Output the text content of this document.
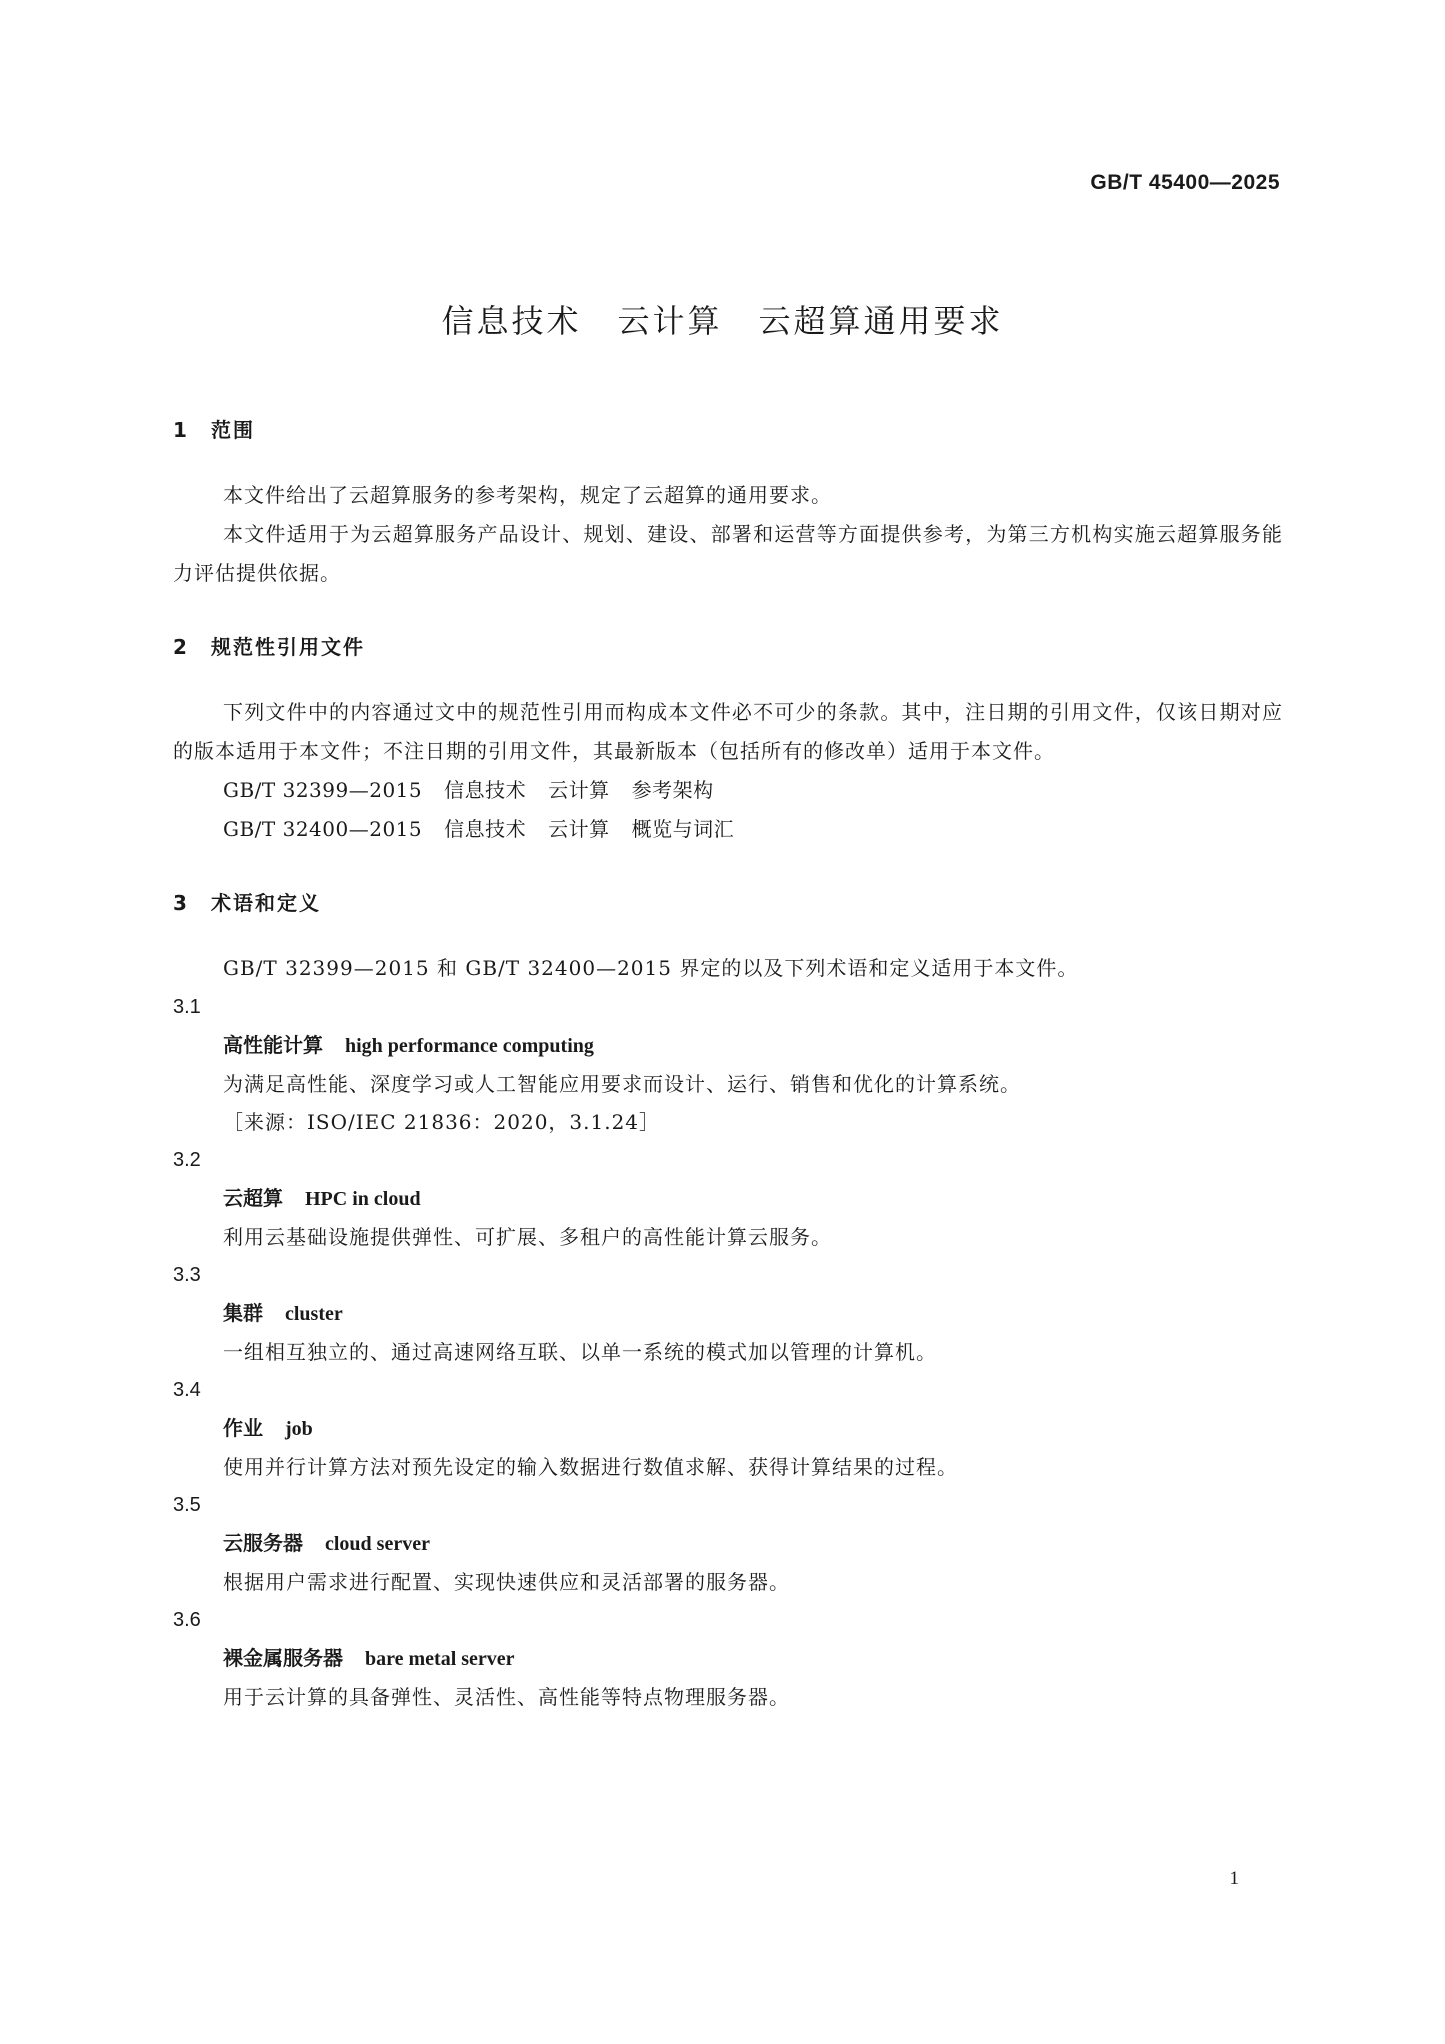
GB/T 45400—2025
信息技术 云计算 云超算通用要求

1 范围

本文件给出了云超算服务的参考架构，规定了云超算的通用要求。

本文件适用于为云超算服务产品设计、规划、建设、部署和运营等方面提供参考，为第三方机构实施云超算服务能力评估提供依据。

2 规范性引用文件

下列文件中的内容通过文中的规范性引用而构成本文件必不可少的条款。其中，注日期的引用文件，仅该日期对应的版本适用于本文件；不注日期的引用文件，其最新版本（包括所有的修改单）适用于本文件。

GB/T 32399—2015 信息技术 云计算 参考架构

GB/T 32400—2015 信息技术 云计算 概览与词汇

3 术语和定义

GB/T 32399—2015 和 GB/T 32400—2015 界定的以及下列术语和定义适用于本文件。

3.1

高性能计算 high performance computing

为满足高性能、深度学习或人工智能应用要求而设计、运行、销售和优化的计算系统。

［来源：ISO/IEC 21836：2020，3.1.24］

3.2

云超算 HPC in cloud

利用云基础设施提供弹性、可扩展、多租户的高性能计算云服务。

3.3

集群 cluster

一组相互独立的、通过高速网络互联、以单一系统的模式加以管理的计算机。

3.4

作业 job

使用并行计算方法对预先设定的输入数据进行数值求解、获得计算结果的过程。

3.5

云服务器 cloud server

根据用户需求进行配置、实现快速供应和灵活部署的服务器。

3.6

裸金属服务器 bare metal server

用于云计算的具备弹性、灵活性、高性能等特点物理服务器。

1
